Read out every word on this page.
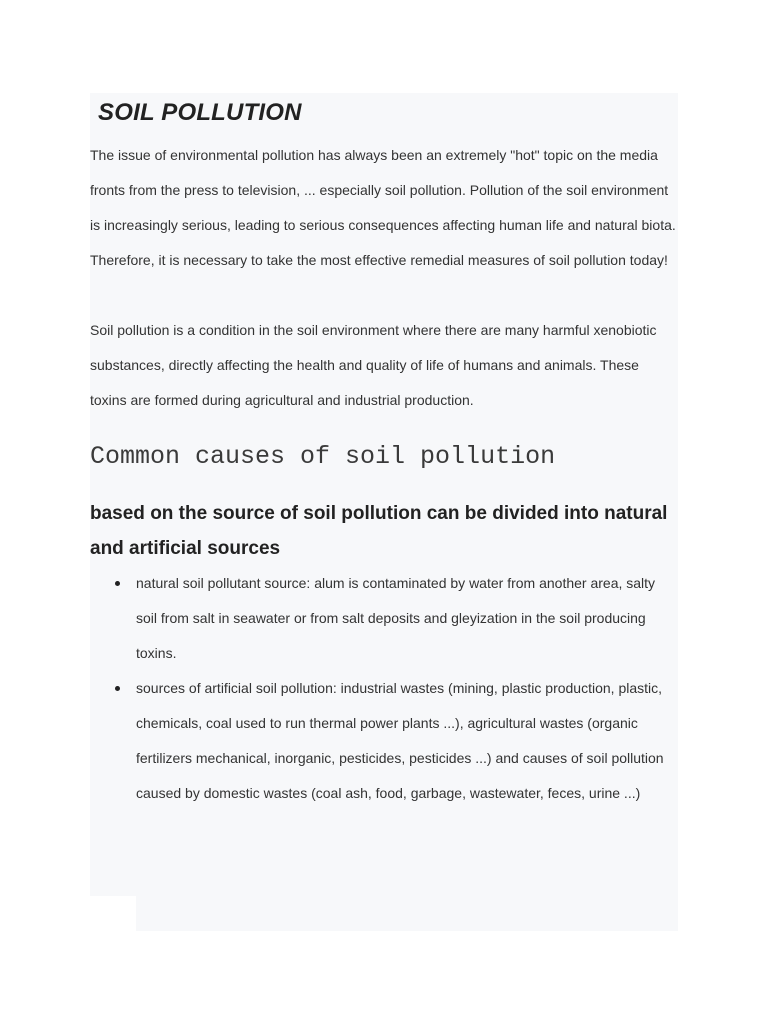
SOIL POLLUTION

The issue of environmental pollution has always been an extremely "hot" topic on the media fronts from the press to television, ... especially soil pollution. Pollution of the soil environment is increasingly serious, leading to serious consequences affecting human life and natural biota. Therefore, it is necessary to take the most effective remedial measures of soil pollution today!

Soil pollution is a condition in the soil environment where there are many harmful xenobiotic substances, directly affecting the health and quality of life of humans and animals. These toxins are formed during agricultural and industrial production.

Common causes of soil pollution
based on the source of soil pollution can be divided into natural and artificial sources
natural soil pollutant source: alum is contaminated by water from another area, salty soil from salt in seawater or from salt deposits and gleyization in the soil producing toxins.
sources of artificial soil pollution: industrial wastes (mining, plastic production, plastic, chemicals, coal used to run thermal power plants ...), agricultural wastes (organic fertilizers mechanical, inorganic, pesticides, pesticides ...) and causes of soil pollution caused by domestic wastes (coal ash, food, garbage, wastewater, feces, urine ...)
